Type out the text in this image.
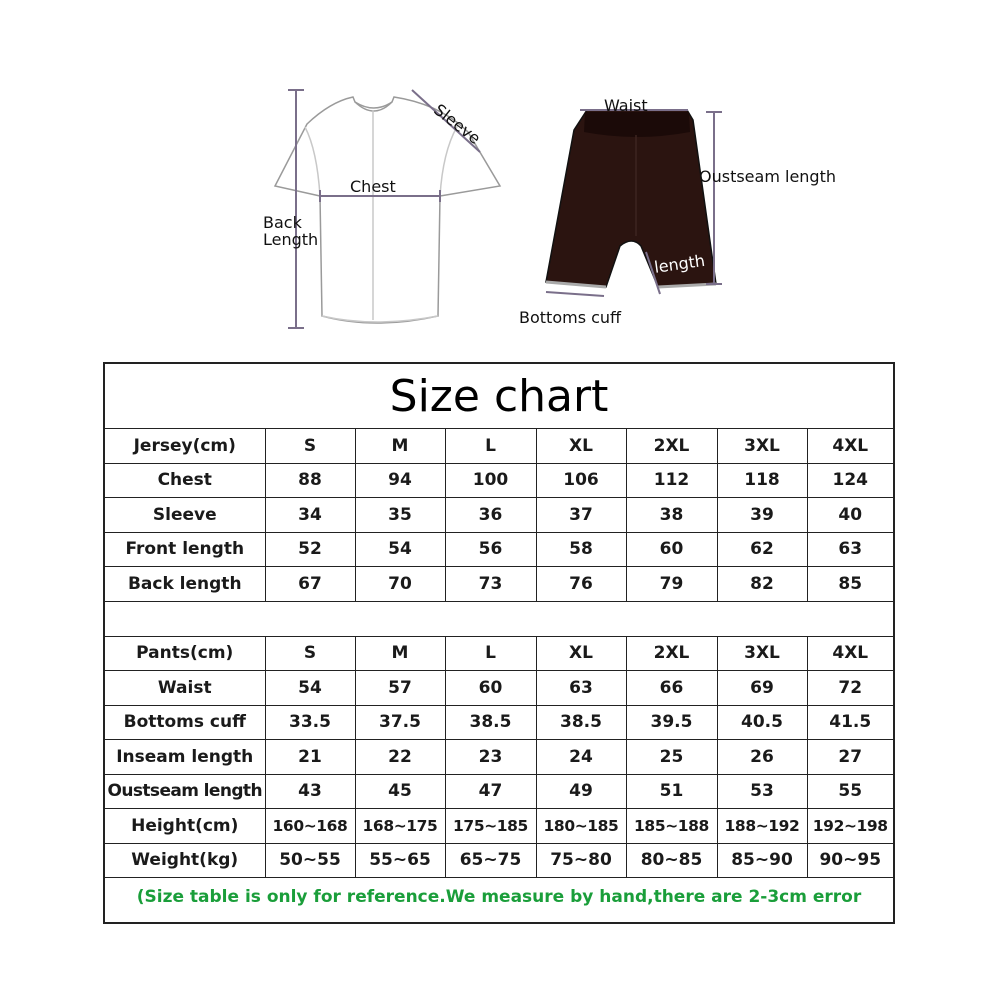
Sleeve
Chest
Back
Length
Waist
Oustseam length
length
Bottoms cuff
Size chart
Jersey(cm)	S	M	L	XL	2XL	3XL	4XL
Chest	88	94	100	106	112	118	124
Sleeve	34	35	36	37	38	39	40
Front length	52	54	56	58	60	62	63
Back length	67	70	73	76	79	82	85

Pants(cm)	S	M	L	XL	2XL	3XL	4XL
Waist	54	57	60	63	66	69	72
Bottoms cuff	33.5	37.5	38.5	38.5	39.5	40.5	41.5
Inseam length	21	22	23	24	25	26	27
Oustseam length	43	45	47	49	51	53	55
Height(cm)	160~168	168~175	175~185	180~185	185~188	188~192	192~198
Weight(kg)	50~55	55~65	65~75	75~80	80~85	85~90	90~95
(Size table is only for reference.We measure by hand,there are 2-3cm error							
